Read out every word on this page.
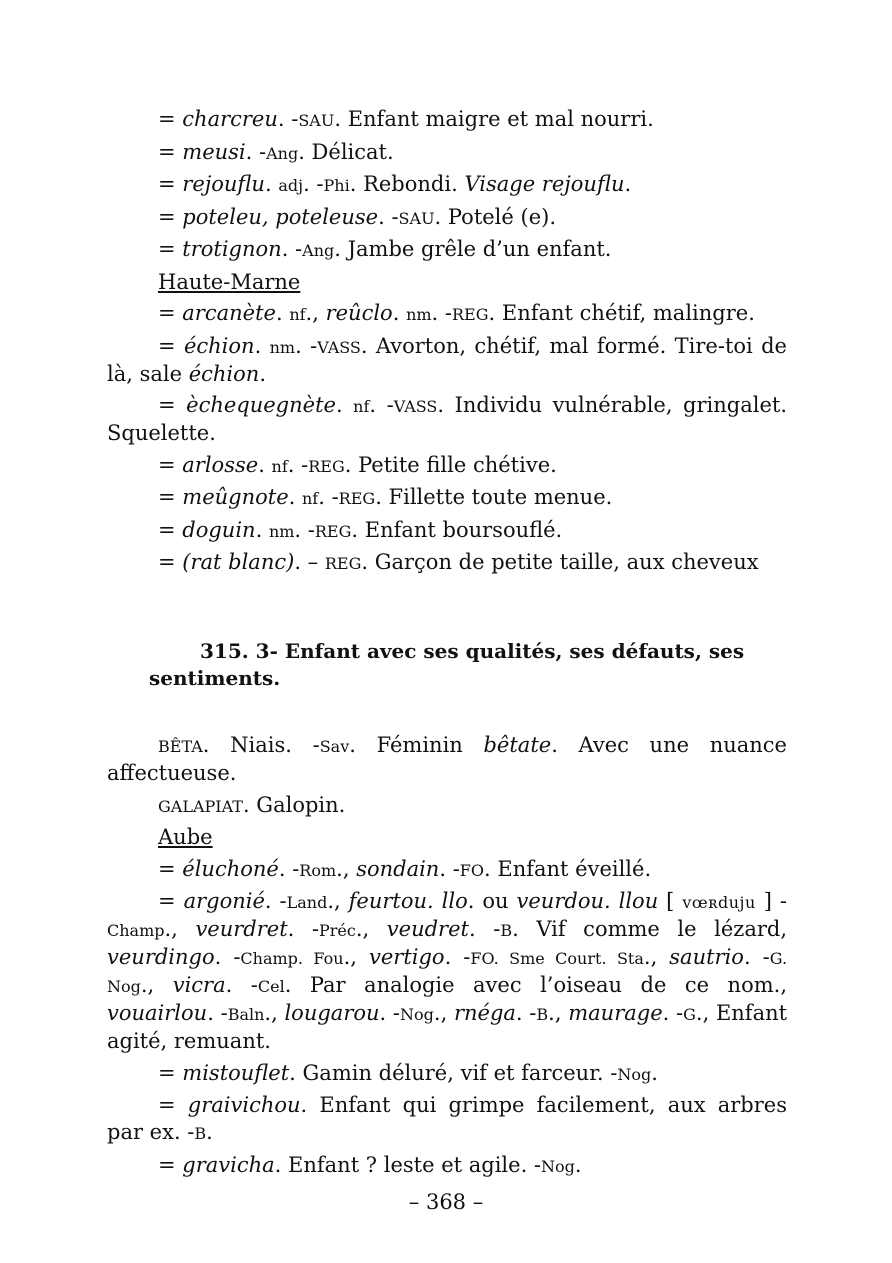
= charcreu. -SAU. Enfant maigre et mal nourri.

= meusi. -Ang. Délicat.

= rejouflu. adj. -Phi. Rebondi. Visage rejouflu.

= poteleu, poteleuse. -SAU. Potelé (e).

= trotignon. -Ang. Jambe grêle d’un enfant.

Haute-Marne

= arcanète. nf., reûclo. nm. -REG. Enfant chétif, malingre.

= échion. nm. -VASS. Avorton, chétif, mal formé. Tire-toi de là, sale échion.

= èchequegnète. nf. -VASS. Individu vulnérable, gringalet. Squelette.

= arlosse. nf. -REG. Petite fille chétive.

= meûgnote. nf. -REG. Fillette toute menue.

= doguin. nm. -REG. Enfant boursouflé.

= (rat blanc). – REG. Garçon de petite taille, aux cheveux

315. 3- Enfant avec ses qualités, ses défauts, ses sentiments.

BÊTA. Niais. -Sav. Féminin bêtate. Avec une nuance affectueuse.

GALAPIAT. Galopin.

Aube

= éluchoné. -Rom., sondain. -FO. Enfant éveillé.

= argonié. -Land., feurtou. llo. ou veurdou. llou [ vœʀduju ] -Champ., veurdret. -Préc., veudret. -B. Vif comme le lézard, veurdingo. -Champ. Fou., vertigo. -FO. Sme Court. Sta., sautrio. -G. Nog., vicra. -Cel. Par analogie avec l’oiseau de ce nom., vouairlou. -Baln., lougarou. -Nog., rnéga. -B., maurage. -G., Enfant agité, remuant.

= mistouflet. Gamin déluré, vif et farceur. -Nog.

= graivichou. Enfant qui grimpe facilement, aux arbres par ex. -B.

= gravicha. Enfant ? leste et agile. -Nog.

– 368 –
